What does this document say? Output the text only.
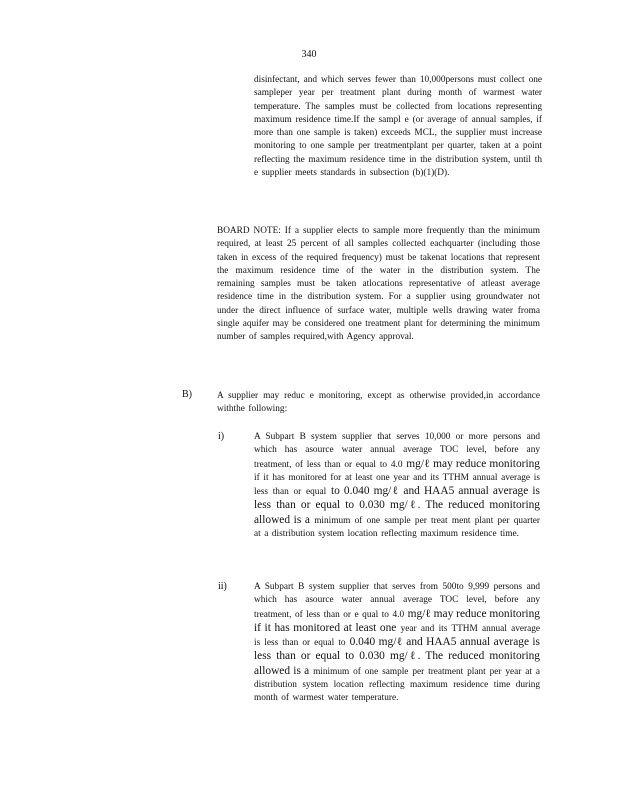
340

disinfectant, and which serves fewer than 10,000persons must collect one sampleper year per treatment plant during month of warmest water temperature. The samples must be collected from locations representing maximum residence time.If the sampl e (or average of annual samples, if more than one sample is taken) exceeds MCL, the supplier must increase monitoring to one sample per treatmentplant per quarter, taken at a point reflecting the maximum residence time in the distribution system, until th e supplier meets standards in subsection (b)(1)(D).

BOARD NOTE: If a supplier elects to sample more frequently than the minimum required, at least 25 percent of all samples collected eachquarter (including those taken in excess of the required frequency) must be takenat locations that represent the maximum residence time of the water in the distribution system. The remaining samples must be taken atlocations representative of atleast average residence time in the distribution system. For a supplier using groundwater not under the direct influence of surface water, multiple wells drawing water froma single aquifer may be considered one treatment plant for determining the minimum number of samples required,with Agency approval.

B)	A supplier may reduc e monitoring, except as otherwise provided,in accordance withthe following:

i)	A Subpart B system supplier that serves 10,000 or more persons and which has asource water annual average TOC level, before any treatment, of less than or equal to 4.0 mg/ℓ may reduce monitoring if it has monitored for at least one year and its TTHM annual average is less than or equal to 0.040 mg/ℓ and HAA5 annual average is less than or equal to 0.030 mg/ℓ. The reduced monitoring allowed is a minimum of one sample per treat ment plant per quarter at a distribution system location reflecting maximum residence time.

ii)	A Subpart B system supplier that serves from 500to 9,999 persons and which has asource water annual average TOC level, before any treatment, of less than or e qual to 4.0 mg/ℓ may reduce monitoring if it has monitored at least one year and its TTHM annual average is less than or equal to 0.040 mg/ℓ and HAA5 annual average is less than or equal to 0.030 mg/ℓ. The reduced monitoring allowed is a minimum of one sample per treatment plant per year at a distribution system location reflecting maximum residence time during month of warmest water temperature.
